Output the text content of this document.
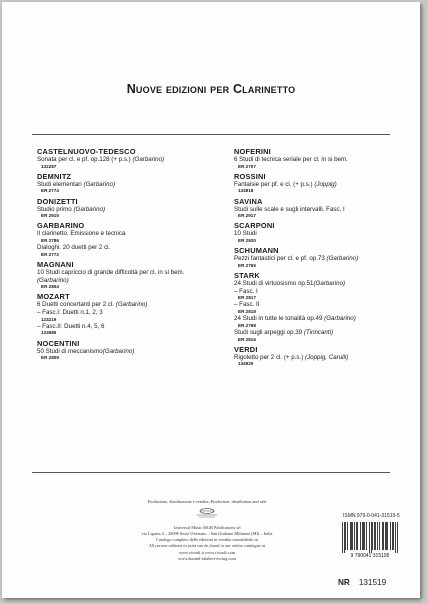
Nuove edizioni per Clarinetto
CASTELNUOVO-TEDESCO
Sonata per cl. e pf. op.128 (+ p.s.) (Garbarino)
132287
DEMNITZ
Studi elementari (Garbarino)
ER 2774
DONIZETTI
Studio primo (Garbarino)
ER 2915
GARBARINO
Il clarinetto. Emissione e tecnica
ER 2786
Dialoghi. 20 duetti per 2 cl.
ER 2772
MAGNANI
10 Studi capriccio di grande difficoltà per cl. in si bem.
(Garbarino)
ER 2854
MOZART
6 Duetti concertanti per 2 cl. (Garbarino)
– Fasc.I: Duetti n.1, 2, 3
133219
– Fasc.II: Duetti n.4, 5, 6
133685
NOCENTINI
50 Studi di meccanismo(Garbarino)
ER 2809
NOFERINI
6 Studi di tecnica seriale per cl. in si bem.
ER 2707
ROSSINI
Fantaisie per pf. e cl. (+ p.s.) (Joppig)
134918
SAVINA
Studi sulle scale e sugli intervalli. Fasc. I
ER 2917
SCARPONI
10 Studi
ER 2920
SCHUMANN
Pezzi fantastici per cl. e pf. op.73 (Garbarino)
ER 2765
STARK
24 Studi di virtuosismo op.51(Garbarino)
– Fasc. I
ER 2817
– Fasc. II
ER 2818
24 Studi in tutte le tonalità op.49 (Garbarino)
ER 2768
Studi sugli arpeggi op.39 (Tirincanti)
ER 2816
VERDI
Rigoletto per 2 cl. (+ p.s.) (Joppig, Carulli)
134920
Produzione, distribuzione e vendita–Production, distribution and sale
Universal Music MGB Publications srl
via Liguria 4 – 20098 Sesto Ulteriano – San Giuliano Milanese (MI) – Italia
Catalogo completo delle edizioni in vendita consultabile su
All current editions in print can be found in our online catalogue at
www.ricordi.it www.ricordi.com
www.durand-salabert-eschig.com
ISMN 979-0-041-31519-5
9 790041 315195
NR 131519
